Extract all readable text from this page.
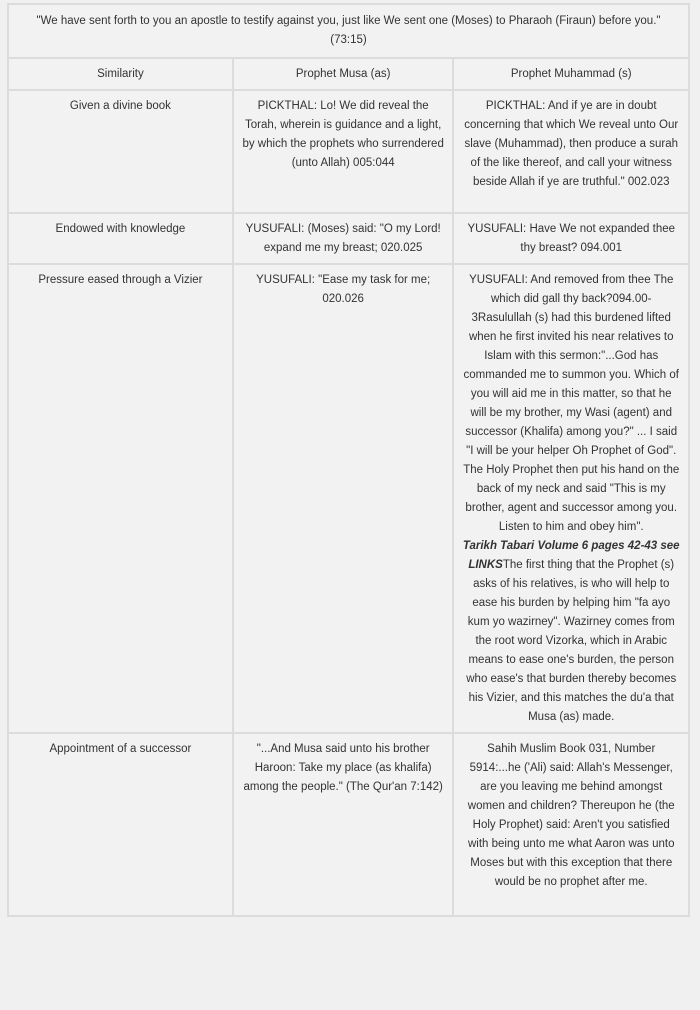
"We have sent forth to you an apostle to testify against you, just like We sent one (Moses) to Pharaoh (Firaun) before you." (73:15)		
Similarity	Prophet Musa (as)	Prophet Muhammad (s)
Given a divine book	PICKTHAL: Lo! We did reveal the Torah, wherein is guidance and a light, by which the prophets who surrendered (unto Allah) 005:044	PICKTHAL: And if ye are in doubt concerning that which We reveal unto Our slave (Muhammad), then produce a surah of the like thereof, and call your witness beside Allah if ye are truthful." 002.023
Endowed with knowledge	YUSUFALI: (Moses) said: "O my Lord! expand me my breast; 020.025	YUSUFALI: Have We not expanded thee thy breast? 094.001
Pressure eased through a Vizier	YUSUFALI: "Ease my task for me; 020.026	YUSUFALI: And removed from thee The which did gall thy back?094.00-3Rasulullah (s) had this burdened lifted when he first invited his near relatives to Islam with this sermon:"...God has commanded me to summon you. Which of you will aid me in this matter, so that he will be my brother, my Wasi (agent) and successor (Khalifa) among you?" ... I said "I will be your helper Oh Prophet of God". The Holy Prophet then put his hand on the back of my neck and said "This is my brother, agent and successor among you. Listen to him and obey him".
Tarikh Tabari Volume 6 pages 42-43 see LINKSThe first thing that the Prophet (s) asks of his relatives, is who will help to ease his burden by helping him "fa ayo kum yo wazirney". Wazirney comes from the root word Vizorka, which in Arabic means to ease one's burden, the person who ease's that burden thereby becomes his Vizier, and this matches the du'a that Musa (as) made.
Appointment of a successor	"...And Musa said unto his brother Haroon: Take my place (as khalifa) among the people." (The Qur'an 7:142)	Sahih Muslim Book 031, Number 5914:...he ('Ali) said: Allah's Messenger, are you leaving me behind amongst women and children? Thereupon he (the Holy Prophet) said: Aren't you satisfied with being unto me what Aaron was unto Moses but with this exception that there would be no prophet after me.
